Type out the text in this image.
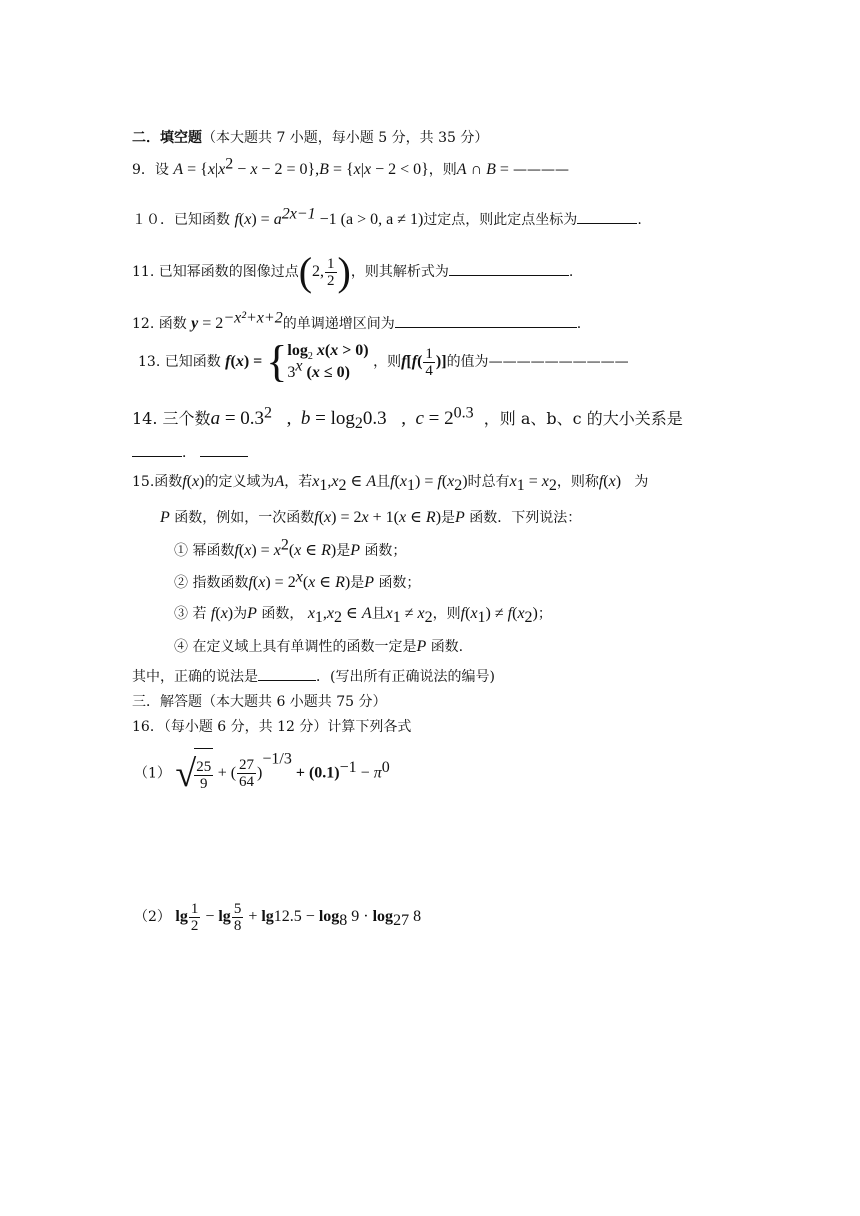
二．填空题（本大题共 7 小题，每小题 5 分，共 35 分）
9．设 $A = \{x|x^2 - x - 2 = 0\},B = \{x|x - 2 < 0\}$，则A ∩ B = ————
１０．已知函数 $f(x) = a^{2x-1} -1$ (a > 0, a ≠ 1)过定点，则此定点坐标为	.
11. 已知幂函数的图像过点(2, $\frac{1}{2}$ )，则其解析式为	.
12. 函数 $y = 2^{-x^2+x+2}$的单调递增区间为	.
13. 已知函数 f(x) = { $\log_2 x(x > 0)$
3$^x$ (x ≤ 0)
，则$f[f( \frac{1}{4}$ )]的值为——————————
14. 三个数$a = 0.3^2$   ,  $b = \log_20.3$   ,  $c = 2^{0.3}$ ，则 a、b、c 的大小关系是
．
15.函数f(x)的定义域为A，若$x_1,x_2$ ∈ A且$f(x_1) = f(x_2)$时总有$x_1 = x_2$，则称f(x) 为
P 函数，例如，一次函数f(x) = 2x + 1(x ∈ R)是P 函数．下列说法：
① 幂函数$f(x) = x^2(x$ ∈ R)是P 函数；
② 指数函数$f(x) = 2^x(x$ ∈ R)是P 函数；
③ 若 f(x)为P 函数， $x_1,x_2$ ∈ A且$x_1 \ne x_2$，则$f(x_1) \ne f(x_2)$；
④ 在定义域上具有单调性的函数一定是P 函数.
其中，正确的说法是	．(写出所有正确说法的编号)
三．解答题（本大题共 6 小题共 75 分）
16．（每小题 6 分，共 12 分）计算下列各式
（1） √
$\frac{25}{9}$ + ( $\frac{27}{64} )^{-1/3} + (0.1)^{-1} - \pi^0$
（2） $\lg \frac{1}{2} - \lg \frac{5}{8} + \lg 12.5 - \log_8 9 \cdot \log_{27} 8$
